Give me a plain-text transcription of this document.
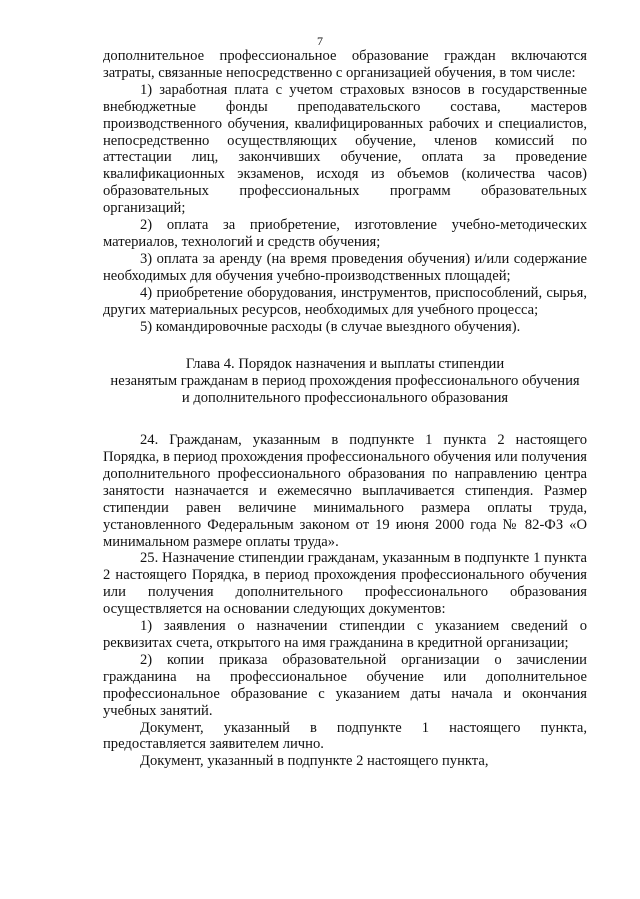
7

дополнительное профессиональное образование граждан включаются затраты, связанные непосредственно с организацией обучения, в том числе:

1) заработная плата с учетом страховых взносов в государственные внебюджетные фонды преподавательского состава, мастеров производственного обучения, квалифицированных рабочих и специалистов, непосредственно осуществляющих обучение, членов комиссий по аттестации лиц, закончивших обучение, оплата за проведение квалификационных экзаменов, исходя из объемов (количества часов) образовательных профессиональных программ образовательных организаций;

2) оплата за приобретение, изготовление учебно-методических материалов, технологий и средств обучения;

3) оплата за аренду (на время проведения обучения) и/или содержание необходимых для обучения учебно-производственных площадей;

4) приобретение оборудования, инструментов, приспособлений, сырья, других материальных ресурсов, необходимых для учебного процесса;

5) командировочные расходы (в случае выездного обучения).

Глава 4. Порядок назначения и выплаты стипендии
незанятым гражданам в период прохождения профессионального обучения
и дополнительного профессионального образования

24. Гражданам, указанным в подпункте 1 пункта 2 настоящего Порядка, в период прохождения профессионального обучения или получения дополнительного профессионального образования по направлению центра занятости назначается и ежемесячно выплачивается стипендия. Размер стипендии равен величине минимального размера оплаты труда, установленного Федеральным законом от 19 июня 2000 года № 82-ФЗ «О минимальном размере оплаты труда».

25. Назначение стипендии гражданам, указанным в подпункте 1 пункта 2 настоящего Порядка, в период прохождения профессионального обучения или получения дополнительного профессионального образования осуществляется на основании следующих документов:

1) заявления о назначении стипендии с указанием сведений о реквизитах счета, открытого на имя гражданина в кредитной организации;

2) копии приказа образовательной организации о зачислении гражданина на профессиональное обучение или дополнительное профессиональное образование с указанием даты начала и окончания учебных занятий.

Документ, указанный в подпункте 1 настоящего пункта, предоставляется заявителем лично.

Документ, указанный в подпункте 2 настоящего пункта,
